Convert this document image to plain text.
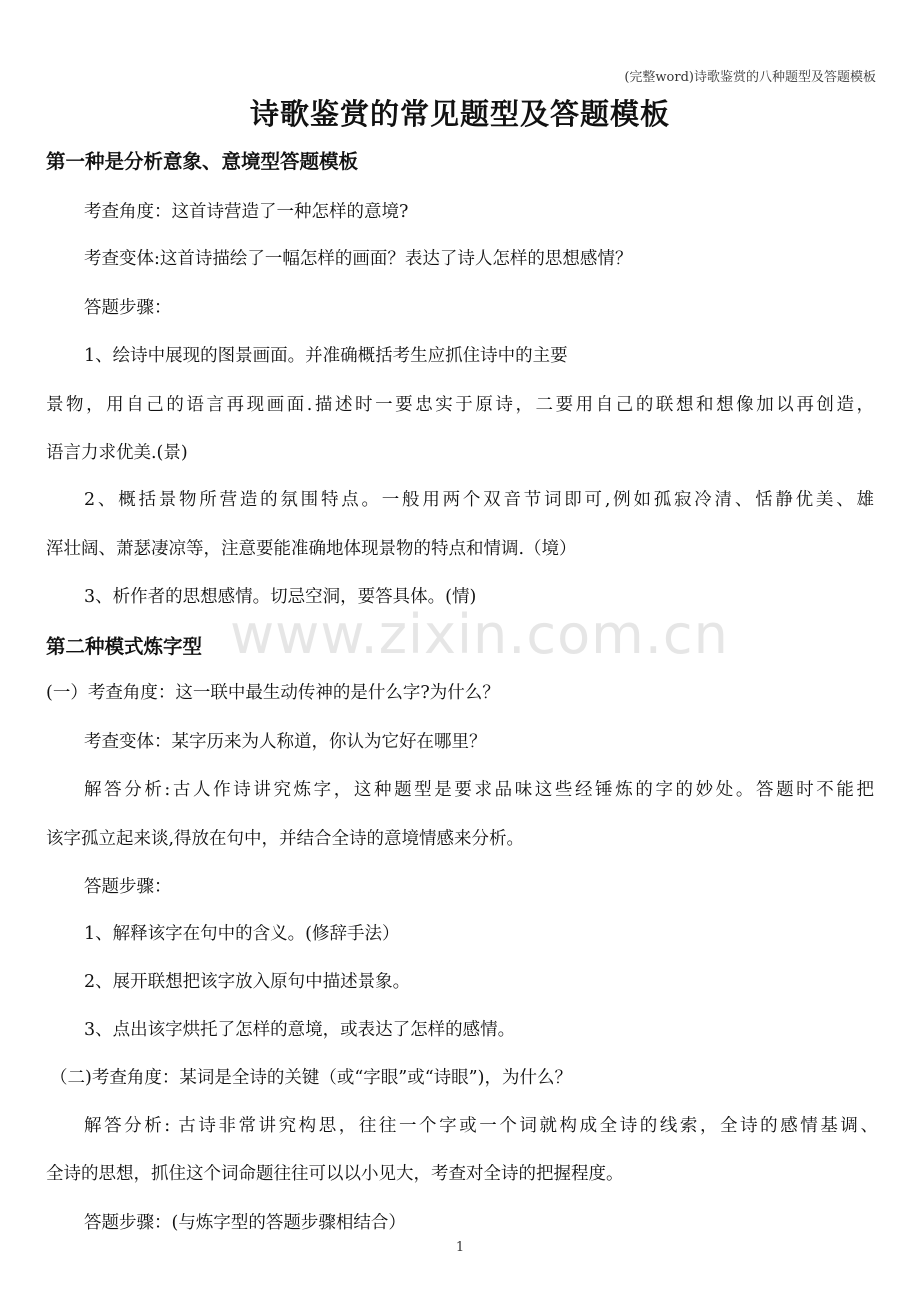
(完整word)诗歌鉴赏的八种题型及答题模板
诗歌鉴赏的常见题型及答题模板
第一种是分析意象、意境型答题模板
考查角度：这首诗营造了一种怎样的意境?
考查变体:这首诗描绘了一幅怎样的画面？表达了诗人怎样的思想感情？
答题步骤：
1、绘诗中展现的图景画面。并准确概括考生应抓住诗中的主要
景物，用自己的语言再现画面.描述时一要忠实于原诗，二要用自己的联想和想像加以再创造，
语言力求优美.(景)
2、概括景物所营造的氛围特点。一般用两个双音节词即可,例如孤寂冷清、恬静优美、雄
浑壮阔、萧瑟凄凉等，注意要能准确地体现景物的特点和情调.（境）
3、析作者的思想感情。切忌空洞，要答具体。(情)
第二种模式炼字型
(一）考查角度：这一联中最生动传神的是什么字?为什么？
考查变体：某字历来为人称道，你认为它好在哪里？
解答分析:古人作诗讲究炼字，这种题型是要求品味这些经锤炼的字的妙处。答题时不能把
该字孤立起来谈,得放在句中，并结合全诗的意境情感来分析。
答题步骤：
1、解释该字在句中的含义。(修辞手法）
2、展开联想把该字放入原句中描述景象。
3、点出该字烘托了怎样的意境，或表达了怎样的感情。
（二)考查角度：某词是全诗的关键（或“字眼”或“诗眼”)，为什么？
解答分析: 古诗非常讲究构思，往往一个字或一个词就构成全诗的线索，全诗的感情基调、
全诗的思想，抓住这个词命题往往可以以小见大，考查对全诗的把握程度。
答题步骤：(与炼字型的答题步骤相结合）
www.zixin.com.cn
1
